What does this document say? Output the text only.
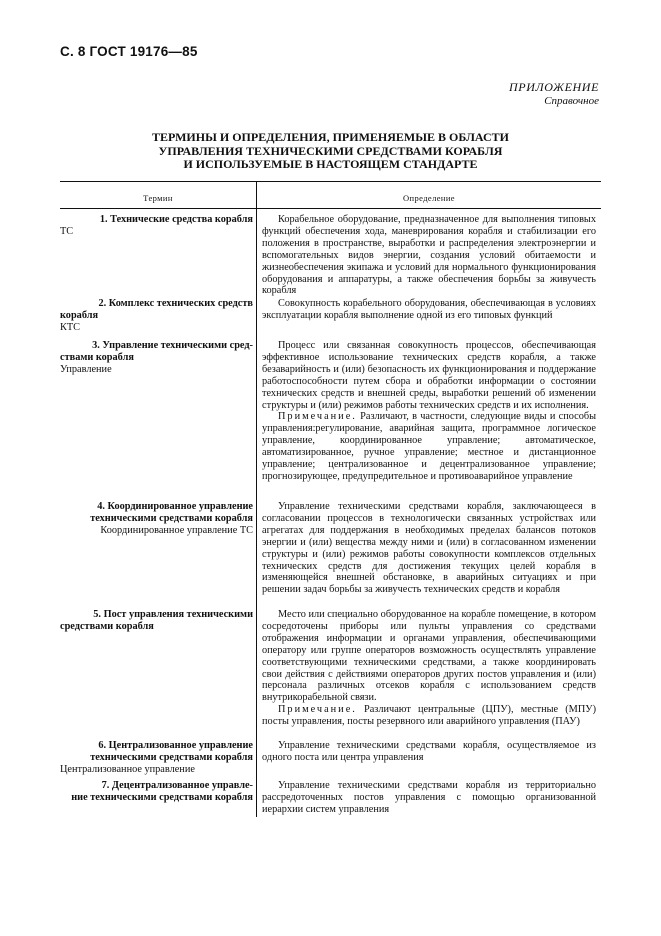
С. 8 ГОСТ 19176—85
ПРИЛОЖЕНИЕ
Справочное
ТЕРМИНЫ И ОПРЕДЕЛЕНИЯ, ПРИМЕНЯЕМЫЕ В ОБЛАСТИ
УПРАВЛЕНИЯ ТЕХНИЧЕСКИМИ СРЕДСТВАМИ КОРАБЛЯ
И ИСПОЛЬЗУЕМЫЕ В НАСТОЯЩЕМ СТАНДАРТЕ
Термин	Определение
1. Технические средства корабля
ТС

Корабельное оборудование, предназначенное для выполнения типовых функций обеспечения хода, маневрирования корабля и стабилизации его положения в пространстве, выработки и распределения электроэнергии и вспомогательных видов энергии, создания условий обитаемости и жизнеобеспечения экипажа и условий для нормального функционирования оборудования и аппаратуры, а также обеспечения борьбы за живучесть корабля

2. Комплекс технических средств
корабля
КТС

Совокупность корабельного оборудования, обеспечивающая в условиях эксплуатации корабля выполнение одной из его типовых функций

3. Управление техническими сред-
ствами корабля
Управление

Процесс или связанная совокупность процессов, обеспечивающая эффективное использование технических средств корабля, а также безаварийность и (или) безопасность их функционирования и поддержание работоспособности путем сбора и обработки информации о состоянии технических средств и внешней среды, выработки решений об изменении структуры и (или) режимов работы технических средств и их исполнения.

Примечание. Различают, в частности, следующие виды и способы управления:регулирование, аварийная защита, программное логическое управление, координированное управление; автоматическое, автоматизированное, ручное управление; местное и дистанционное управление; централизованное и децентрализованное управление; прогнозирующее, предупредительное и противоаварийное управление

4. Координированное управление
техническими средствами корабля
Координированное управление ТС

Управление техническими средствами корабля, заключающееся в согласовании процессов в технологически связанных устройствах или агрегатах для поддержания в необходимых пределах балансов потоков энергии и (или) вещества между ними и (или) в согласованном изменении структуры и (или) режимов работы совокупности комплексов отдельных технических средств для достижения текущих целей корабля в изменяющейся внешней обстановке, в аварийных ситуациях и при решении задач борьбы за живучесть технических средств и корабля

5. Пост управления техническими
средствами корабля

Место или специально оборудованное на корабле помещение, в котором сосредоточены приборы или пульты управления со средствами отображения информации и органами управления, обеспечивающими оператору или группе операторов возможность осуществлять управление соответствующими техническими средствами, а также координировать свои действия с действиями операторов других постов управления и (или) персонала различных отсеков корабля с использованием средств внутрикорабельной связи.

Примечание. Различают центральные (ЦПУ), местные (МПУ) посты управления, посты резервного или аварийного управления (ПАУ)

6. Централизованное управление
техническими средствами корабля
Централизованное управление

Управление техническими средствами корабля, осуществляемое из одного поста или центра управления

7. Децентрализованное управле-
ние техническими средствами корабля

Управление техническими средствами корабля из территориально рассредоточенных постов управления с помощью организованной иерархии систем управления
